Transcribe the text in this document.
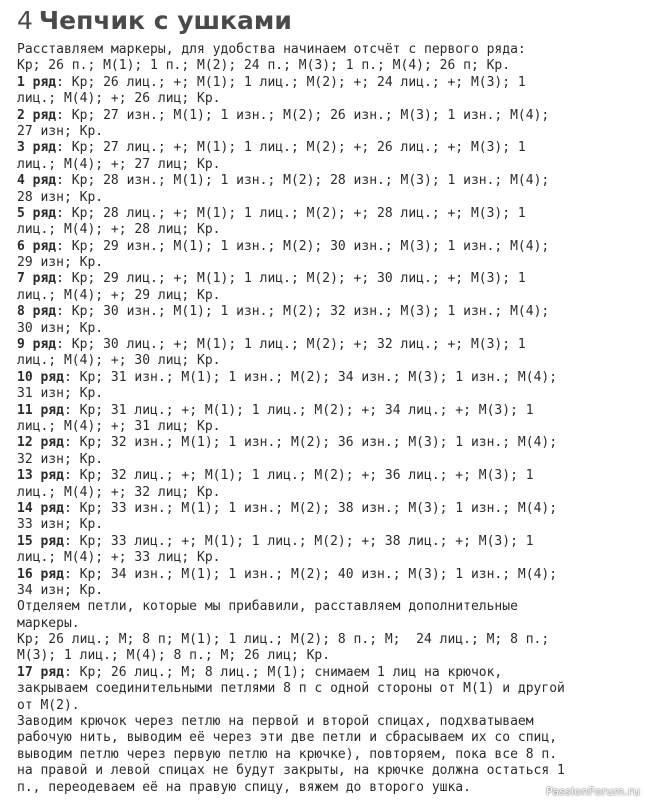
4 Чепчик с ушками
Расставляем маркеры, для удобства начинаем отсчёт с первого ряда:
Кр; 26 п.; М(1); 1 п.; М(2); 24 п.; М(3); 1 п.; М(4); 26 п; Кр.
1 ряд: Кр; 26 лиц.; +; М(1); 1 лиц.; М(2); +; 24 лиц.; +; М(3); 1
лиц.; М(4); +; 26 лиц; Кр.
2 ряд: Кр; 27 изн.; М(1); 1 изн.; М(2); 26 изн.; М(3); 1 изн.; М(4);
27 изн; Кр.
3 ряд: Кр; 27 лиц.; +; М(1); 1 лиц.; М(2); +; 26 лиц.; +; М(3); 1
лиц.; М(4); +; 27 лиц; Кр.
4 ряд: Кр; 28 изн.; М(1); 1 изн.; М(2); 28 изн.; М(3); 1 изн.; М(4);
28 изн; Кр.
5 ряд: Кр; 28 лиц.; +; М(1); 1 лиц.; М(2); +; 28 лиц.; +; М(3); 1
лиц.; М(4); +; 28 лиц; Кр.
6 ряд: Кр; 29 изн.; М(1); 1 изн.; М(2); 30 изн.; М(3); 1 изн.; М(4);
29 изн; Кр.
7 ряд: Кр; 29 лиц.; +; М(1); 1 лиц.; М(2); +; 30 лиц.; +; М(3); 1
лиц.; М(4); +; 29 лиц; Кр.
8 ряд: Кр; 30 изн.; М(1); 1 изн.; М(2); 32 изн.; М(3); 1 изн.; М(4);
30 изн; Кр.
9 ряд: Кр; 30 лиц.; +; М(1); 1 лиц.; М(2); +; 32 лиц.; +; М(3); 1
лиц.; М(4); +; 30 лиц; Кр.
10 ряд: Кр; 31 изн.; М(1); 1 изн.; М(2); 34 изн.; М(3); 1 изн.; М(4);
31 изн; Кр.
11 ряд: Кр; 31 лиц.; +; М(1); 1 лиц.; М(2); +; 34 лиц.; +; М(3); 1
лиц.; М(4); +; 31 лиц; Кр.
12 ряд: Кр; 32 изн.; М(1); 1 изн.; М(2); 36 изн.; М(3); 1 изн.; М(4);
32 изн; Кр.
13 ряд: Кр; 32 лиц.; +; М(1); 1 лиц.; М(2); +; 36 лиц.; +; М(3); 1
лиц.; М(4); +; 32 лиц; Кр.
14 ряд: Кр; 33 изн.; М(1); 1 изн.; М(2); 38 изн.; М(3); 1 изн.; М(4);
33 изн; Кр.
15 ряд: Кр; 33 лиц.; +; М(1); 1 лиц.; М(2); +; 38 лиц.; +; М(3); 1
лиц.; М(4); +; 33 лиц; Кр.
16 ряд: Кр; 34 изн.; М(1); 1 изн.; М(2); 40 изн.; М(3); 1 изн.; М(4);
34 изн; Кр.
Отделяем петли, которые мы прибавили, расставляем дополнительные
маркеры.
Кр; 26 лиц.; М; 8 п; М(1); 1 лиц.; М(2); 8 п.; М;  24 лиц.; М; 8 п.;
М(3); 1 лиц.; М(4); 8 п.; М; 26 лиц; Кр.
17 ряд: Кр; 26 лиц.; М; 8 лиц.; М(1); снимаем 1 лиц на крючок,
закрываем соединительными петлями 8 п с одной стороны от М(1) и другой
от М(2).
Заводим крючок через петлю на первой и второй спицах, подхватываем
рабочую нить, выводим её через эти две петли и сбрасываем их со спиц,
выводим петлю через первую петлю на крючке), повторяем, пока все 8 п.
на правой и левой спицах не будут закрыты, на крючке должна остаться 1
п., переодеваем её на правую спицу, вяжем до второго ушка.	PassionForum.ru
